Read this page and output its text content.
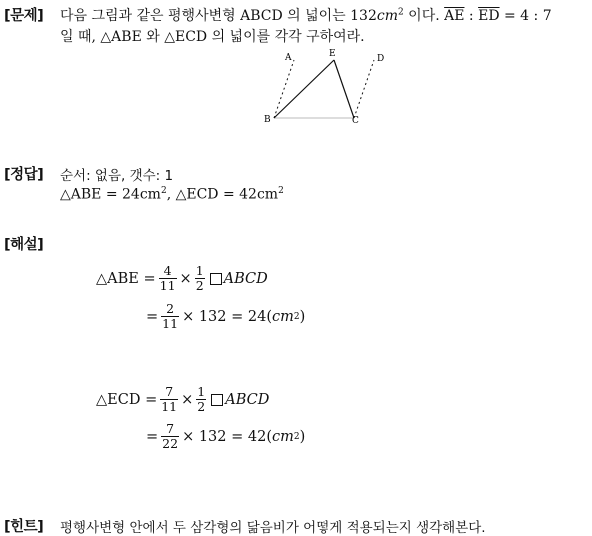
[문제] 다음 그림과 같은 평행사변형 ABCD 의 넓이는 $132cm^2$ 이다. $\overline{AE}$ : $\overline{ED} = 4$ : 7
일 때, △ABE 와 △ECD 의 넓이를 각각 구하여라.
A	E	D
B	C
[정답] 순서: 없음, 갯수: 1
△ABE = $24cm^2$, △ECD = $42cm^2$
[해설]
△ABE = $\frac{4}{11} \times \frac{1}{2}$ ABCD
= $\frac{2}{11} \times 132 = 24$( cm 2 )
△ECD = $\frac{7}{11} \times \frac{1}{2}$ ABCD
= $\frac{7}{22} \times 132 = 42$( cm 2 )
[힌트] 평행사변형 안에서 두 삼각형의 닮음비가 어떻게 적용되는지 생각해본다.
